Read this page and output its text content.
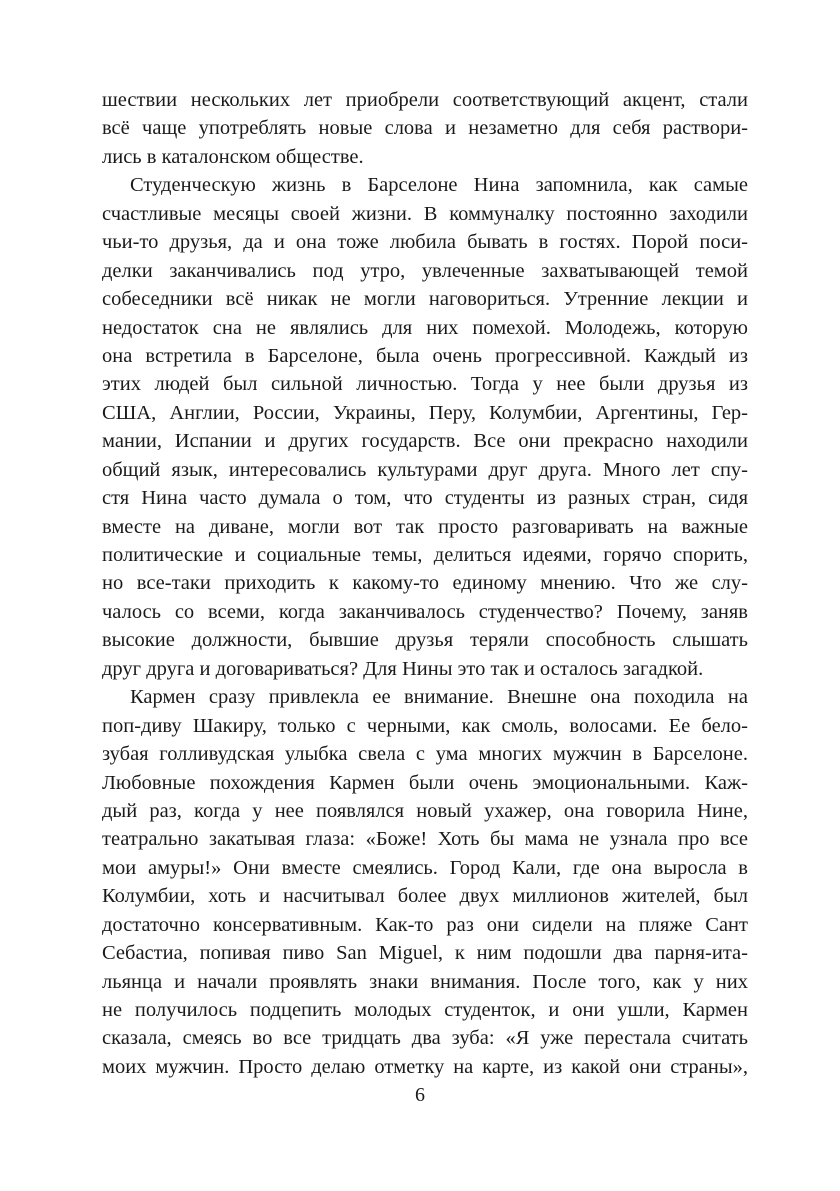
шествии нескольких лет приобрели соответствующий акцент, стали
всё чаще употреблять новые слова и незаметно для себя раствори-
лись в каталонском обществе.
Студенческую жизнь в Барселоне Нина запомнила, как самые
счастливые месяцы своей жизни. В коммуналку постоянно заходили
чьи-то друзья, да и она тоже любила бывать в гостях. Порой поси-
делки заканчивались под утро, увлеченные захватывающей темой
собеседники всё никак не могли наговориться. Утренние лекции и
недостаток сна не являлись для них помехой. Молодежь, которую
она встретила в Барселоне, была очень прогрессивной. Каждый из
этих людей был сильной личностью. Тогда у нее были друзья из
США, Англии, России, Украины, Перу, Колумбии, Аргентины, Гер-
мании, Испании и других государств. Все они прекрасно находили
общий язык, интересовались культурами друг друга. Много лет спу-
стя Нина часто думала о том, что студенты из разных стран, сидя
вместе на диване, могли вот так просто разговаривать на важные
политические и социальные темы, делиться идеями, горячо спорить,
но все-таки приходить к какому-то единому мнению. Что же слу-
чалось со всеми, когда заканчивалось студенчество? Почему, заняв
высокие должности, бывшие друзья теряли способность слышать
друг друга и договариваться? Для Нины это так и осталось загадкой.
Кармен сразу привлекла ее внимание. Внешне она походила на
поп-диву Шакиру, только с черными, как смоль, волосами. Ее бело-
зубая голливудская улыбка свела с ума многих мужчин в Барселоне.
Любовные похождения Кармен были очень эмоциональными. Каж-
дый раз, когда у нее появлялся новый ухажер, она говорила Нине,
театрально закатывая глаза: «Боже! Хоть бы мама не узнала про все
мои амуры!» Они вместе смеялись. Город Кали, где она выросла в
Колумбии, хоть и насчитывал более двух миллионов жителей, был
достаточно консервативным. Как-то раз они сидели на пляже Сант
Себастиа, попивая пиво San Miguel, к ним подошли два парня-ита-
льянца и начали проявлять знаки внимания. После того, как у них
не получилось подцепить молодых студенток, и они ушли, Кармен
сказала, смеясь во все тридцать два зуба: «Я уже перестала считать
моих мужчин. Просто делаю отметку на карте, из какой они страны»,
6
